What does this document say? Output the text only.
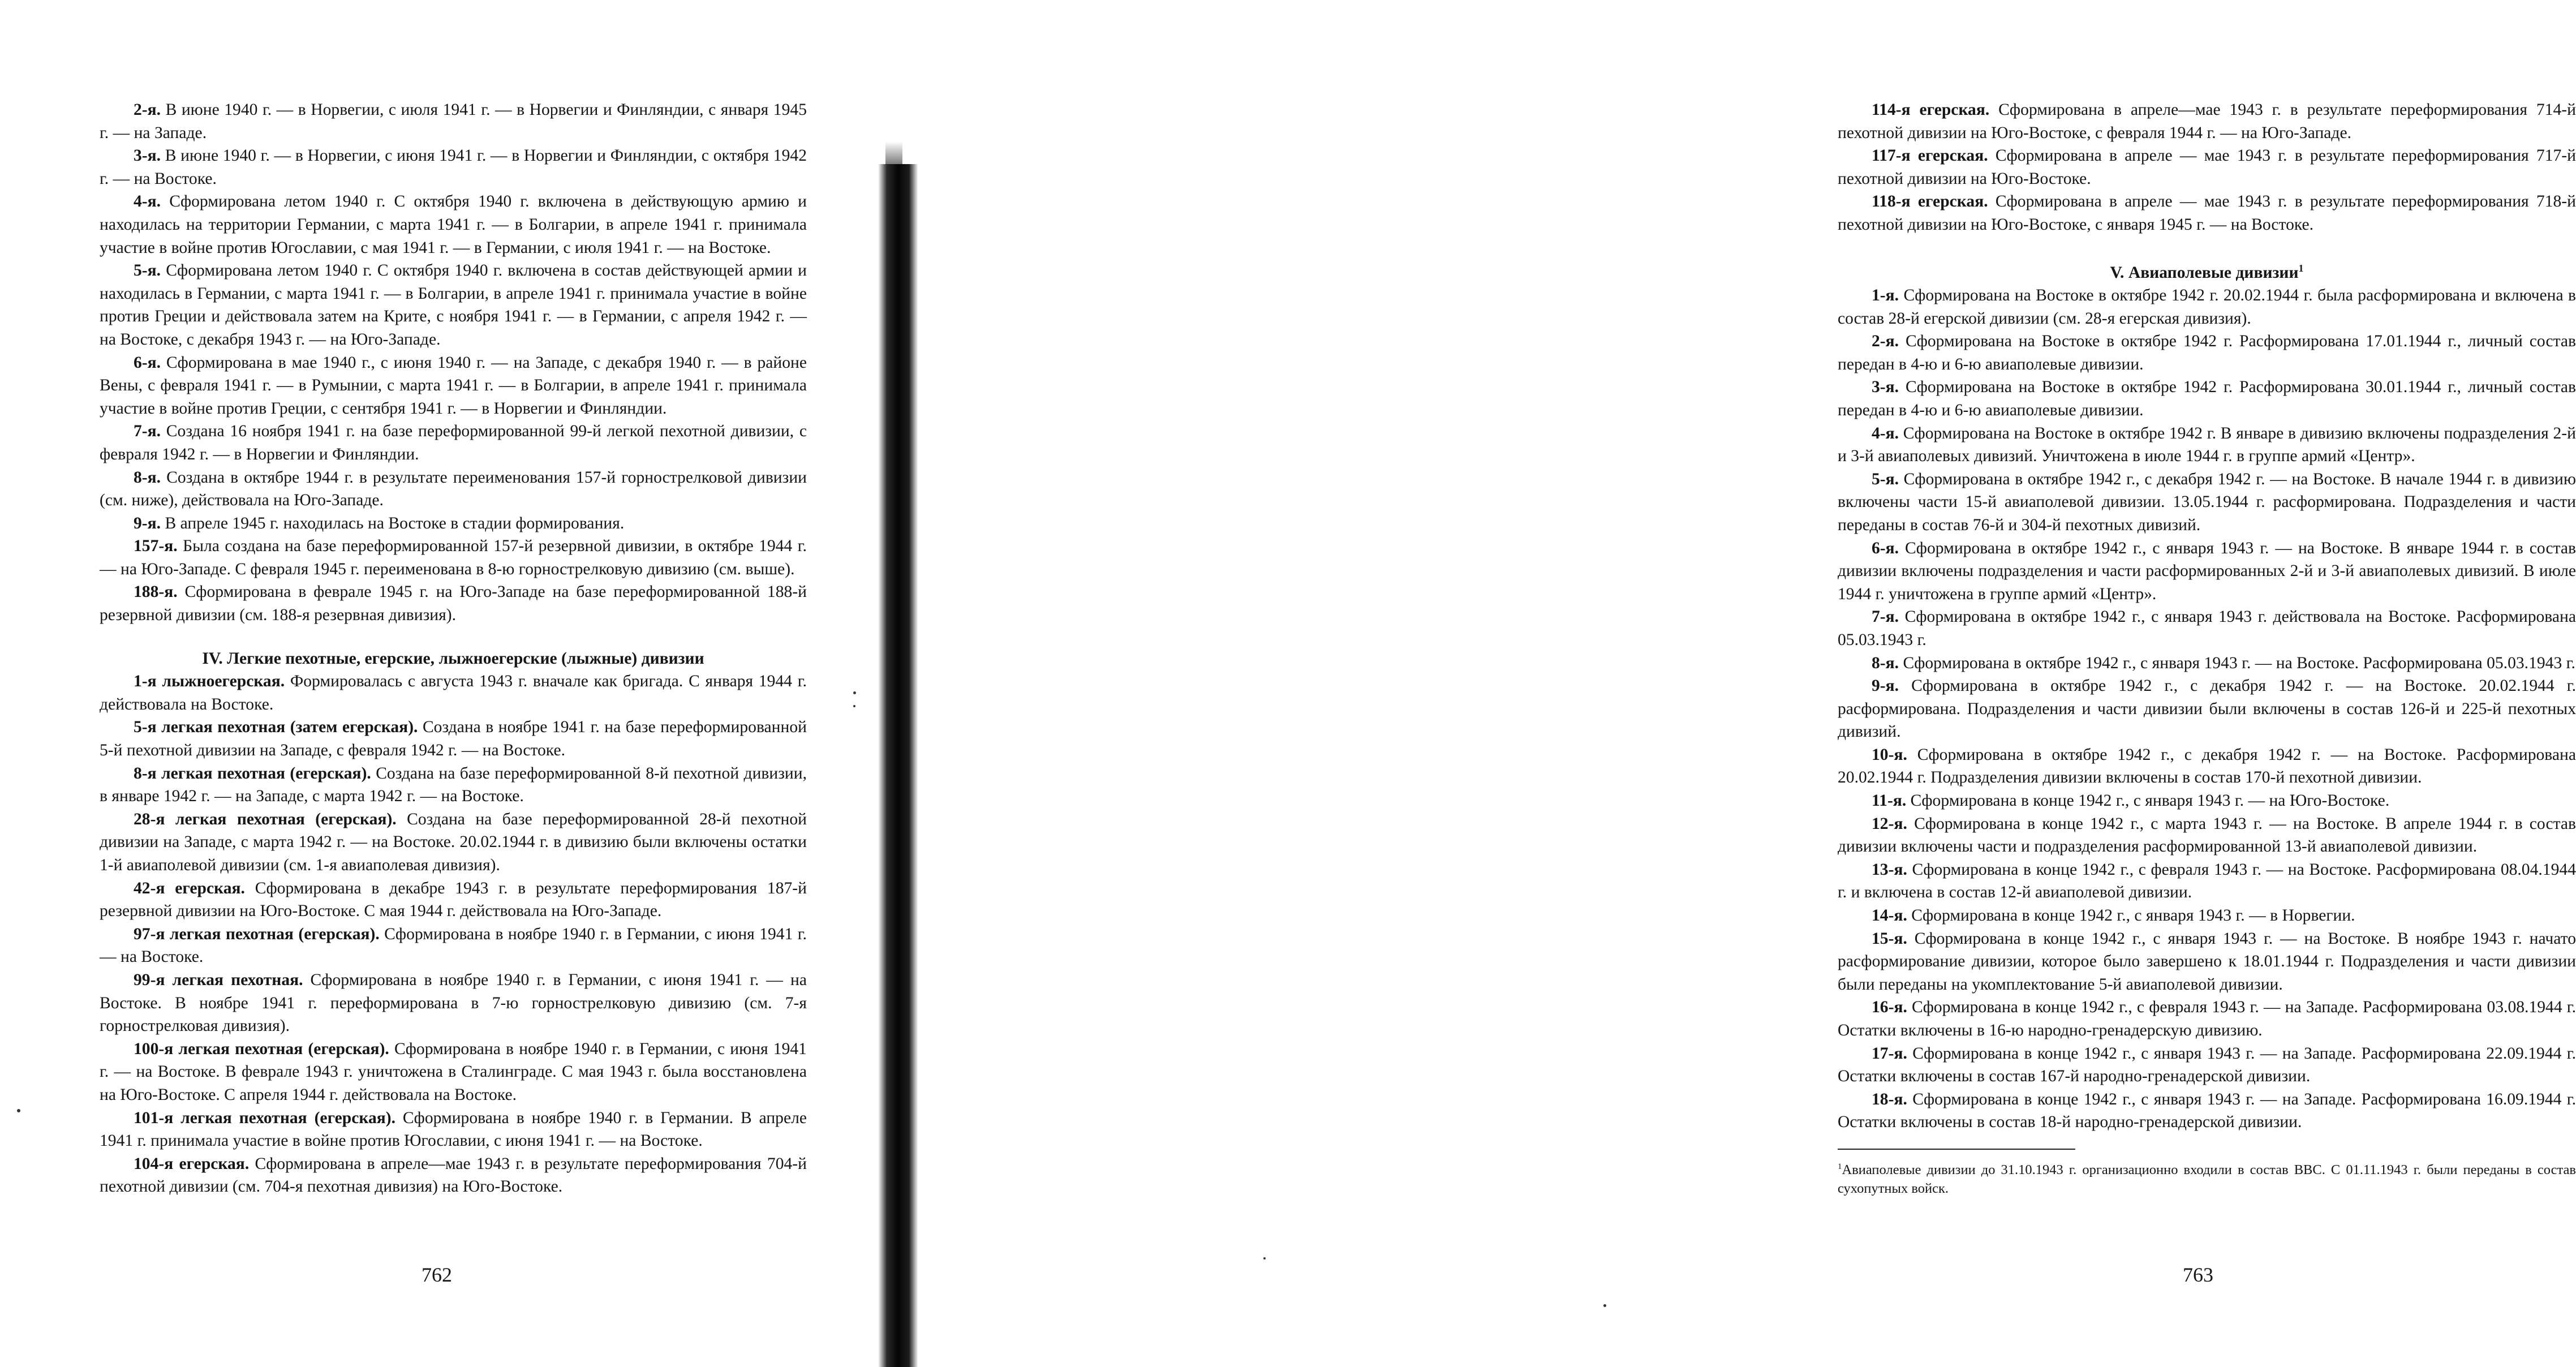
2-я. В июне 1940 г. — в Норвегии, с июля 1941 г. — в Норвегии и Финляндии, с января 1945 г. — на Западе.

3-я. В июне 1940 г. — в Норвегии, с июня 1941 г. — в Норвегии и Финляндии, с октября 1942 г. — на Востоке.

4-я. Сформирована летом 1940 г. С октября 1940 г. включена в действующую армию и находилась на территории Германии, с марта 1941 г. — в Болгарии, в апреле 1941 г. принимала участие в войне против Югославии, с мая 1941 г. — в Германии, с июля 1941 г. — на Востоке.

5-я. Сформирована летом 1940 г. С октября 1940 г. включена в состав действующей армии и находилась в Германии, с марта 1941 г. — в Болгарии, в апреле 1941 г. принимала участие в войне против Греции и действовала затем на Крите, с ноября 1941 г. — в Германии, с апреля 1942 г. — на Востоке, с декабря 1943 г. — на Юго-Западе.

6-я. Сформирована в мае 1940 г., с июня 1940 г. — на Западе, с декабря 1940 г. — в районе Вены, с февраля 1941 г. — в Румынии, с марта 1941 г. — в Болгарии, в апреле 1941 г. принимала участие в войне против Греции, с сентября 1941 г. — в Норвегии и Финляндии.

7-я. Создана 16 ноября 1941 г. на базе переформированной 99-й легкой пехотной дивизии, с февраля 1942 г. — в Норвегии и Финляндии.

8-я. Создана в октябре 1944 г. в результате переименования 157-й горнострелковой дивизии (см. ниже), действовала на Юго-Западе.

9-я. В апреле 1945 г. находилась на Востоке в стадии формирования.

157-я. Была создана на базе переформированной 157-й резервной дивизии, в октябре 1944 г. — на Юго-Западе. С февраля 1945 г. переименована в 8-ю горнострелковую дивизию (см. выше).

188-я. Сформирована в феврале 1945 г. на Юго-Западе на базе переформированной 188-й резервной дивизии (см. 188-я резервная дивизия).

IV. Легкие пехотные, егерские, лыжноегерские (лыжные) дивизии

1-я лыжноегерская. Формировалась с августа 1943 г. вначале как бригада. С января 1944 г. действовала на Востоке.

5-я легкая пехотная (затем егерская). Создана в ноябре 1941 г. на базе переформированной 5-й пехотной дивизии на Западе, с февраля 1942 г. — на Востоке.

8-я легкая пехотная (егерская). Создана на базе переформированной 8-й пехотной дивизии, в январе 1942 г. — на Западе, с марта 1942 г. — на Востоке.

28-я легкая пехотная (егерская). Создана на базе переформированной 28-й пехотной дивизии на Западе, с марта 1942 г. — на Востоке. 20.02.1944 г. в дивизию были включены остатки 1-й авиаполевой дивизии (см. 1-я авиаполевая дивизия).

42-я егерская. Сформирована в декабре 1943 г. в результате переформирования 187-й резервной дивизии на Юго-Востоке. С мая 1944 г. действовала на Юго-Западе.

97-я легкая пехотная (егерская). Сформирована в ноябре 1940 г. в Германии, с июня 1941 г. — на Востоке.

99-я легкая пехотная. Сформирована в ноябре 1940 г. в Германии, с июня 1941 г. — на Востоке. В ноябре 1941 г. переформирована в 7-ю горнострелковую дивизию (см. 7-я горнострелковая дивизия).

100-я легкая пехотная (егерская). Сформирована в ноябре 1940 г. в Германии, с июня 1941 г. — на Востоке. В феврале 1943 г. уничтожена в Сталинграде. С мая 1943 г. была восстановлена на Юго-Востоке. С апреля 1944 г. действовала на Востоке.

101-я легкая пехотная (егерская). Сформирована в ноябре 1940 г. в Германии. В апреле 1941 г. принимала участие в войне против Югославии, с июня 1941 г. — на Востоке.

104-я егерская. Сформирована в апреле—мае 1943 г. в результате переформирования 704-й пехотной дивизии (см. 704-я пехотная дивизия) на Юго-Востоке.

762

114-я егерская. Сформирована в апреле—мае 1943 г. в результате переформирования 714-й пехотной дивизии на Юго-Востоке, с февраля 1944 г. — на Юго-Западе.

117-я егерская. Сформирована в апреле — мае 1943 г. в результате переформирования 717-й пехотной дивизии на Юго-Востоке.

118-я егерская. Сформирована в апреле — мае 1943 г. в результате переформирования 718-й пехотной дивизии на Юго-Востоке, с января 1945 г. — на Востоке.

V. Авиаполевые дивизии$^1$

1-я. Сформирована на Востоке в октябре 1942 г. 20.02.1944 г. была расформирована и включена в состав 28-й егерской дивизии (см. 28-я егерская дивизия).

2-я. Сформирована на Востоке в октябре 1942 г. Расформирована 17.01.1944 г., личный состав передан в 4-ю и 6-ю авиаполевые дивизии.

3-я. Сформирована на Востоке в октябре 1942 г. Расформирована 30.01.1944 г., личный состав передан в 4-ю и 6-ю авиаполевые дивизии.

4-я. Сформирована на Востоке в октябре 1942 г. В январе в дивизию включены подразделения 2-й и 3-й авиаполевых дивизий. Уничтожена в июле 1944 г. в группе армий «Центр».

5-я. Сформирована в октябре 1942 г., с декабря 1942 г. — на Востоке. В начале 1944 г. в дивизию включены части 15-й авиаполевой дивизии. 13.05.1944 г. расформирована. Подразделения и части переданы в состав 76-й и 304-й пехотных дивизий.

6-я. Сформирована в октябре 1942 г., с января 1943 г. — на Востоке. В январе 1944 г. в состав дивизии включены подразделения и части расформированных 2-й и 3-й авиаполевых дивизий. В июле 1944 г. уничтожена в группе армий «Центр».

7-я. Сформирована в октябре 1942 г., с января 1943 г. действовала на Востоке. Расформирована 05.03.1943 г.

8-я. Сформирована в октябре 1942 г., с января 1943 г. — на Востоке. Расформирована 05.03.1943 г.

9-я. Сформирована в октябре 1942 г., с декабря 1942 г. — на Востоке. 20.02.1944 г. расформирована. Подразделения и части дивизии были включены в состав 126-й и 225-й пехотных дивизий.

10-я. Сформирована в октябре 1942 г., с декабря 1942 г. — на Востоке. Расформирована 20.02.1944 г. Подразделения дивизии включены в состав 170-й пехотной дивизии.

11-я. Сформирована в конце 1942 г., с января 1943 г. — на Юго-Востоке.

12-я. Сформирована в конце 1942 г., с марта 1943 г. — на Востоке. В апреле 1944 г. в состав дивизии включены части и подразделения расформированной 13-й авиаполевой дивизии.

13-я. Сформирована в конце 1942 г., с февраля 1943 г. — на Востоке. Расформирована 08.04.1944 г. и включена в состав 12-й авиаполевой дивизии.

14-я. Сформирована в конце 1942 г., с января 1943 г. — в Норвегии.

15-я. Сформирована в конце 1942 г., с января 1943 г. — на Востоке. В ноябре 1943 г. начато расформирование дивизии, которое было завершено к 18.01.1944 г. Подразделения и части дивизии были переданы на укомплектование 5-й авиаполевой дивизии.

16-я. Сформирована в конце 1942 г., с февраля 1943 г. — на Западе. Расформирована 03.08.1944 г. Остатки включены в 16-ю народно-гренадерскую дивизию.

17-я. Сформирована в конце 1942 г., с января 1943 г. — на Западе. Расформирована 22.09.1944 г. Остатки включены в состав 167-й народно-гренадерской дивизии.

18-я. Сформирована в конце 1942 г., с января 1943 г. — на Западе. Расформирована 16.09.1944 г. Остатки включены в состав 18-й народно-гренадерской дивизии.

$^1$Авиаполевые дивизии до 31.10.1943 г. организационно входили в состав ВВС. С 01.11.1943 г. были переданы в состав сухопутных войск.

763
